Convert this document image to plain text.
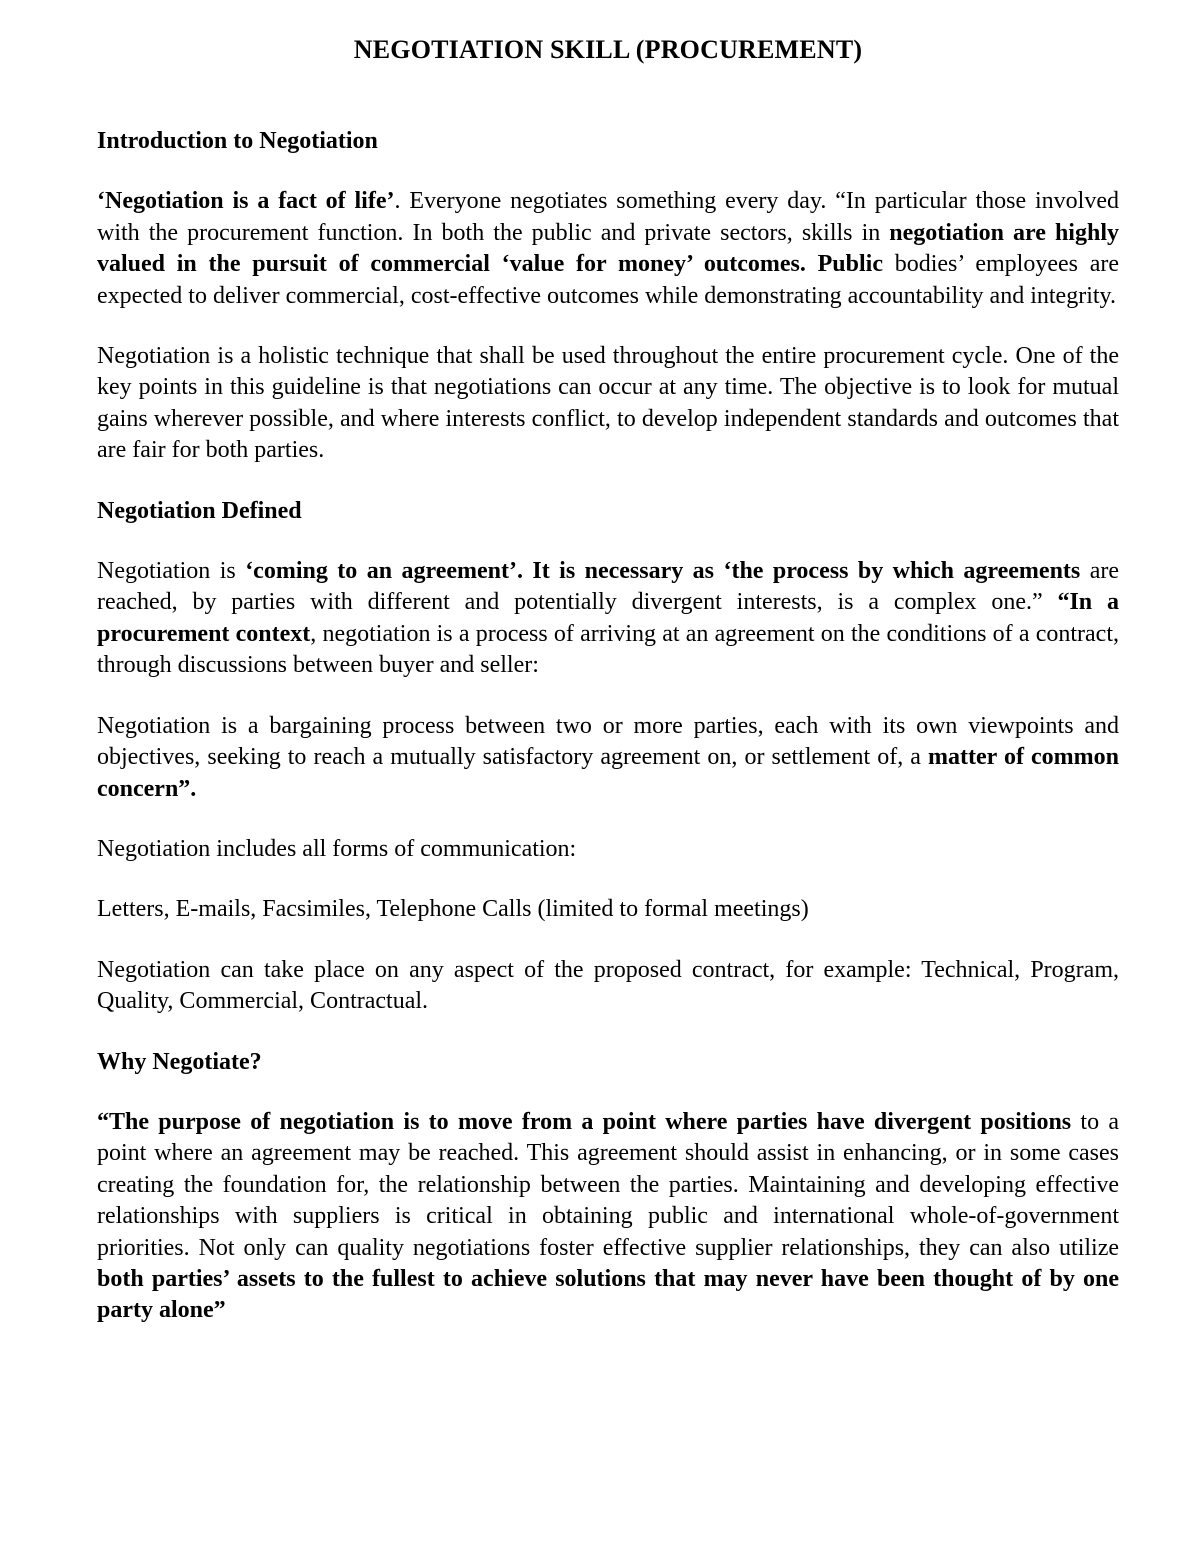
NEGOTIATION SKILL (PROCUREMENT)
Introduction to Negotiation

‘Negotiation is a fact of life’. Everyone negotiates something every day. “In particular those involved with the procurement function. In both the public and private sectors, skills in negotiation are highly valued in the pursuit of commercial ‘value for money’ outcomes. Public bodies’ employees are expected to deliver commercial, cost-effective outcomes while demonstrating accountability and integrity.

Negotiation is a holistic technique that shall be used throughout the entire procurement cycle. One of the key points in this guideline is that negotiations can occur at any time. The objective is to look for mutual gains wherever possible, and where interests conflict, to develop independent standards and outcomes that are fair for both parties.

Negotiation Defined

Negotiation is ‘coming to an agreement’. It is necessary as ‘the process by which agreements are reached, by parties with different and potentially divergent interests, is a complex one.” “In a procurement context, negotiation is a process of arriving at an agreement on the conditions of a contract, through discussions between buyer and seller:

Negotiation is a bargaining process between two or more parties, each with its own viewpoints and objectives, seeking to reach a mutually satisfactory agreement on, or settlement of, a matter of common concern”.

Negotiation includes all forms of communication:

Letters, E-mails, Facsimiles, Telephone Calls (limited to formal meetings)

Negotiation can take place on any aspect of the proposed contract, for example: Technical, Program, Quality, Commercial, Contractual.

Why Negotiate?

“The purpose of negotiation is to move from a point where parties have divergent positions to a point where an agreement may be reached. This agreement should assist in enhancing, or in some cases creating the foundation for, the relationship between the parties. Maintaining and developing effective relationships with suppliers is critical in obtaining public and international whole-of-government priorities. Not only can quality negotiations foster effective supplier relationships, they can also utilize both parties’ assets to the fullest to achieve solutions that may never have been thought of by one party alone”
